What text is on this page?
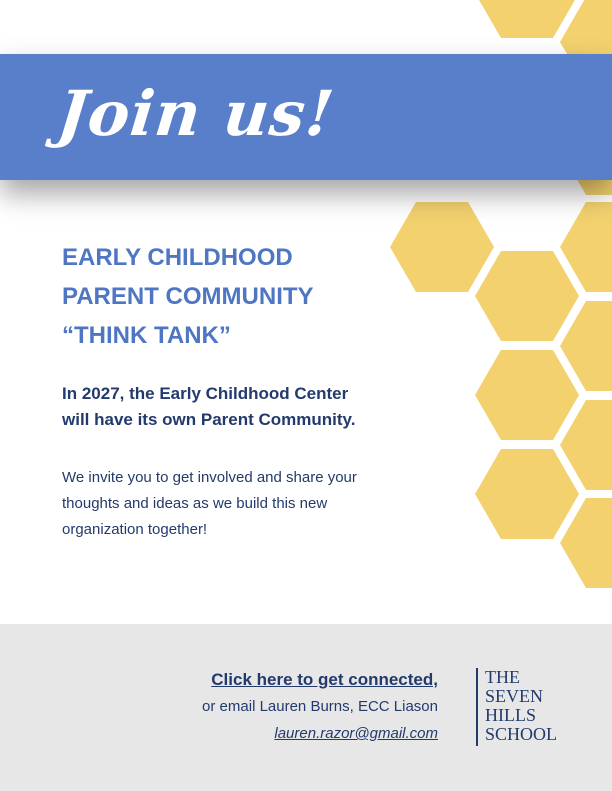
Join us!
EARLY CHILDHOOD
PARENT COMMUNITY
“THINK TANK”

In 2027, the Early Childhood Center
will have its own Parent Community.

We invite you to get involved and share your
thoughts and ideas as we build this new
organization together!

Click here to get connected,
or email Lauren Burns, ECC Liason
lauren.razor@gmail.com
THE
SEVEN
HILLS
SCHOOL
